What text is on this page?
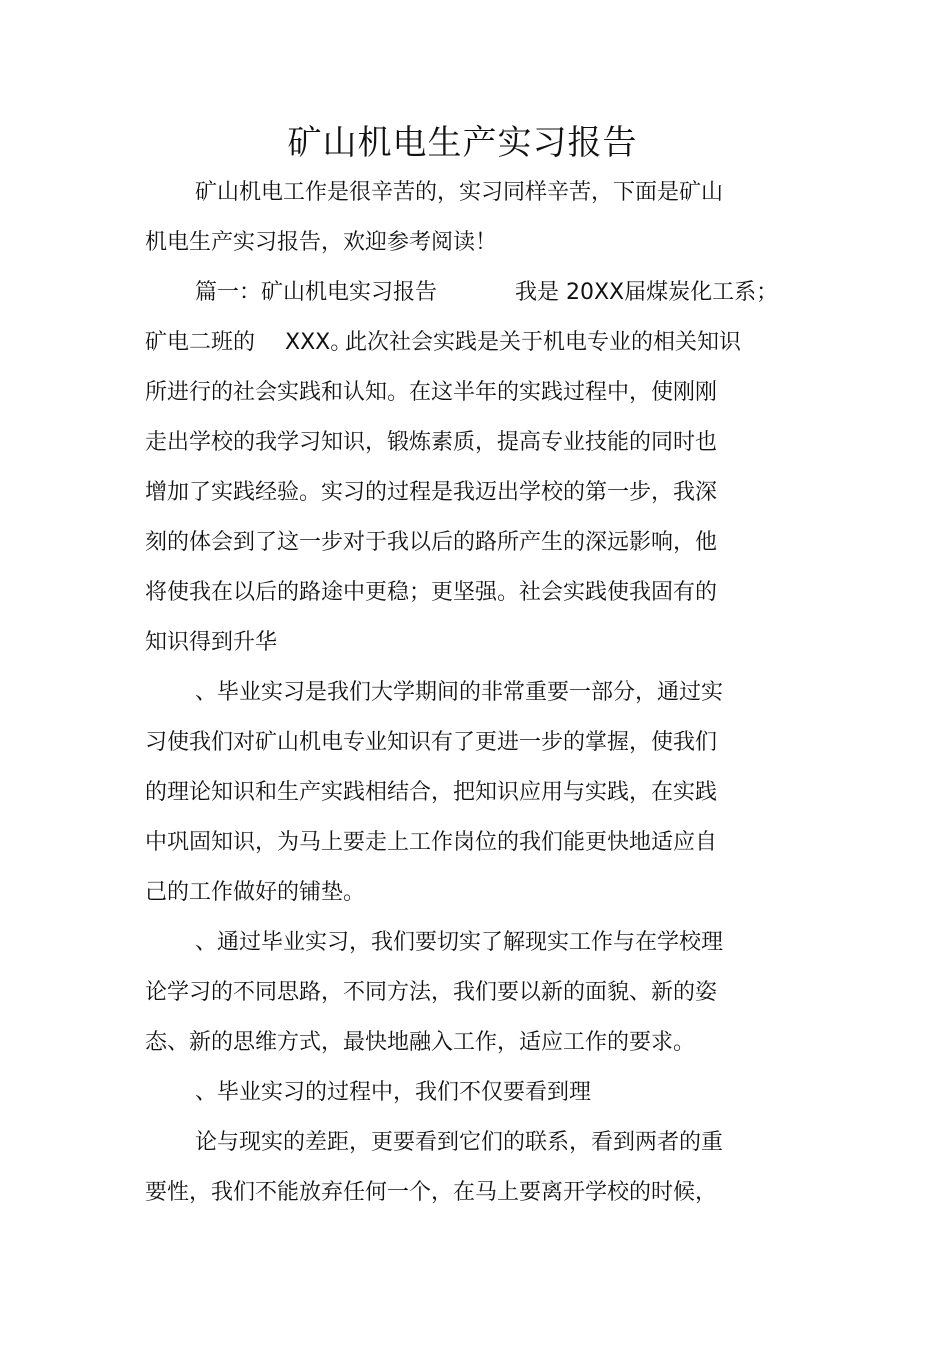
矿山机电生产实习报告
矿山机电工作是很辛苦的，实习同样辛苦，下面是矿山
机电生产实习报告，欢迎参考阅读！
篇一：矿山机电实习报告	我是 20XX届煤炭化工系；
矿电二班的 XXX。
此次社会实践是关于机电专业的相关知识
所进行的社会实践和认知。在这半年的实践过程中，使刚刚
走出学校的我学习知识，锻炼素质，提高专业技能的同时也
增加了实践经验。实习的过程是我迈出学校的第一步，我深
刻的体会到了这一步对于我以后的路所产生的深远影响，他
将使我在以后的路途中更稳；更坚强。社会实践使我固有的
知识得到升华
、毕业实习是我们大学期间的非常重要一部分，通过实
习使我们对矿山机电专业知识有了更进一步的掌握，使我们
的理论知识和生产实践相结合，把知识应用与实践，在实践
中巩固知识，为马上要走上工作岗位的我们能更快地适应自
己的工作做好的铺垫。
、通过毕业实习，我们要切实了解现实工作与在学校理
论学习的不同思路，不同方法，我们要以新的面貌、新的姿
态、新的思维方式，最快地融入工作，适应工作的要求。
、毕业实习的过程中，我们不仅要看到理
论与现实的差距，更要看到它们的联系，看到两者的重
要性，我们不能放弃任何一个，在马上要离开学校的时候，
